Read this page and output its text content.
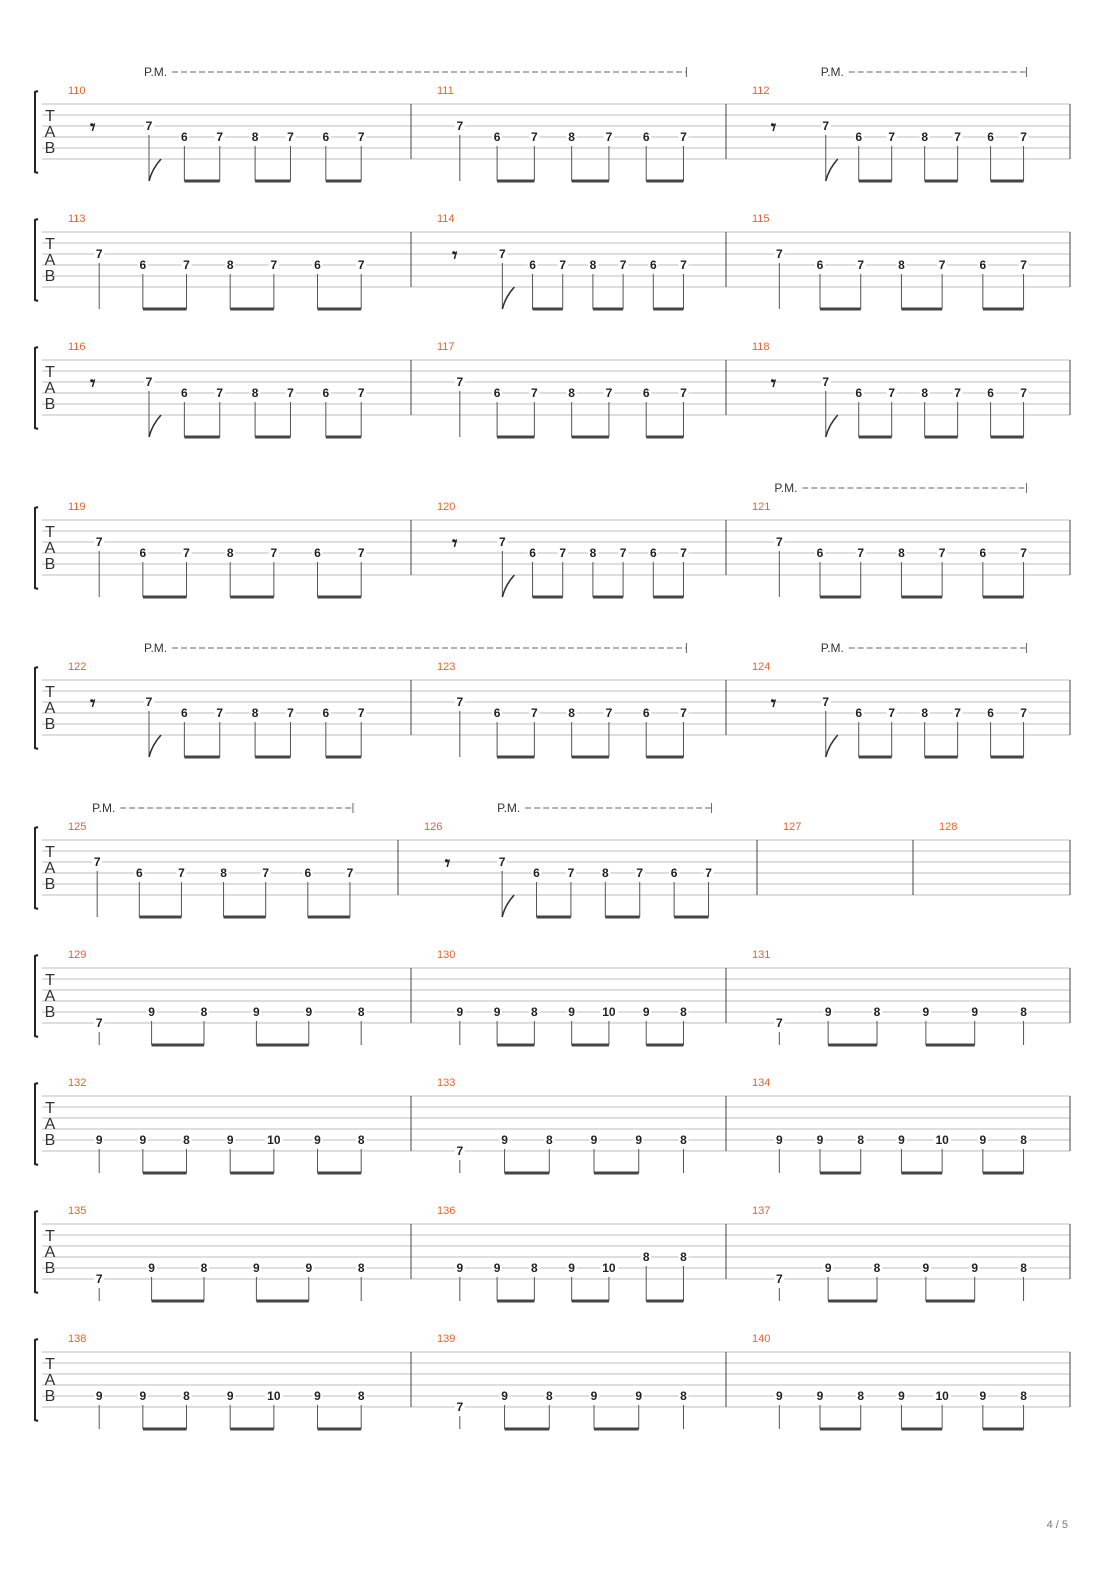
T
A
B
110
𝄾	7
6 7 8 7 6 7
111
7
6	7	8	7	6	7
112
𝄾	7
6 7 8 7 6 7
P.M.	P.M.
T
A
B
113
7
6	7	8	7	6	7
114
𝄾	7
6 7 8 7 6 7
115
7
6	7	8	7	6	7
T
A
B
116
𝄾	7
6 7 8 7 6 7
117
7
6	7	8	7	6	7
118
𝄾	7
6 7 8 7 6 7
T
A
B
119
7
6	7	8	7	6	7
120
𝄾	7
6 7 8 7 6 7
121
7
6	7	8	7	6	7
P.M.
T
A
B
122
𝄾	7
6 7 8 7 6 7
123
7
6	7	8	7	6	7
124
𝄾	7
6 7 8 7 6 7
P.M.	P.M.
T
A
B
125
7
6	7	8	7	6	7
126
𝄾	7
6 7 8 7 6 7
127	128
P.M.	P.M.
T
A
B
129
7
9	8	9	9	8
130
9	9	8	9 10 9	8
131
7
9	8	9	9	8
T
A
B
132
9	9	8	9	10	9	8
133
7
9	8	9	9	8
134
9	9	8	9	10	9	8
T
A
B
135
7
9	8	9	9	8
136
9	9	8	9 10
8	8
137
7
9	8	9	9	8
T
A
B
138
9	9	8	9	10	9	8
139
7
9	8	9	9	8
140
9	9	8	9	10	9	8
4 / 5
